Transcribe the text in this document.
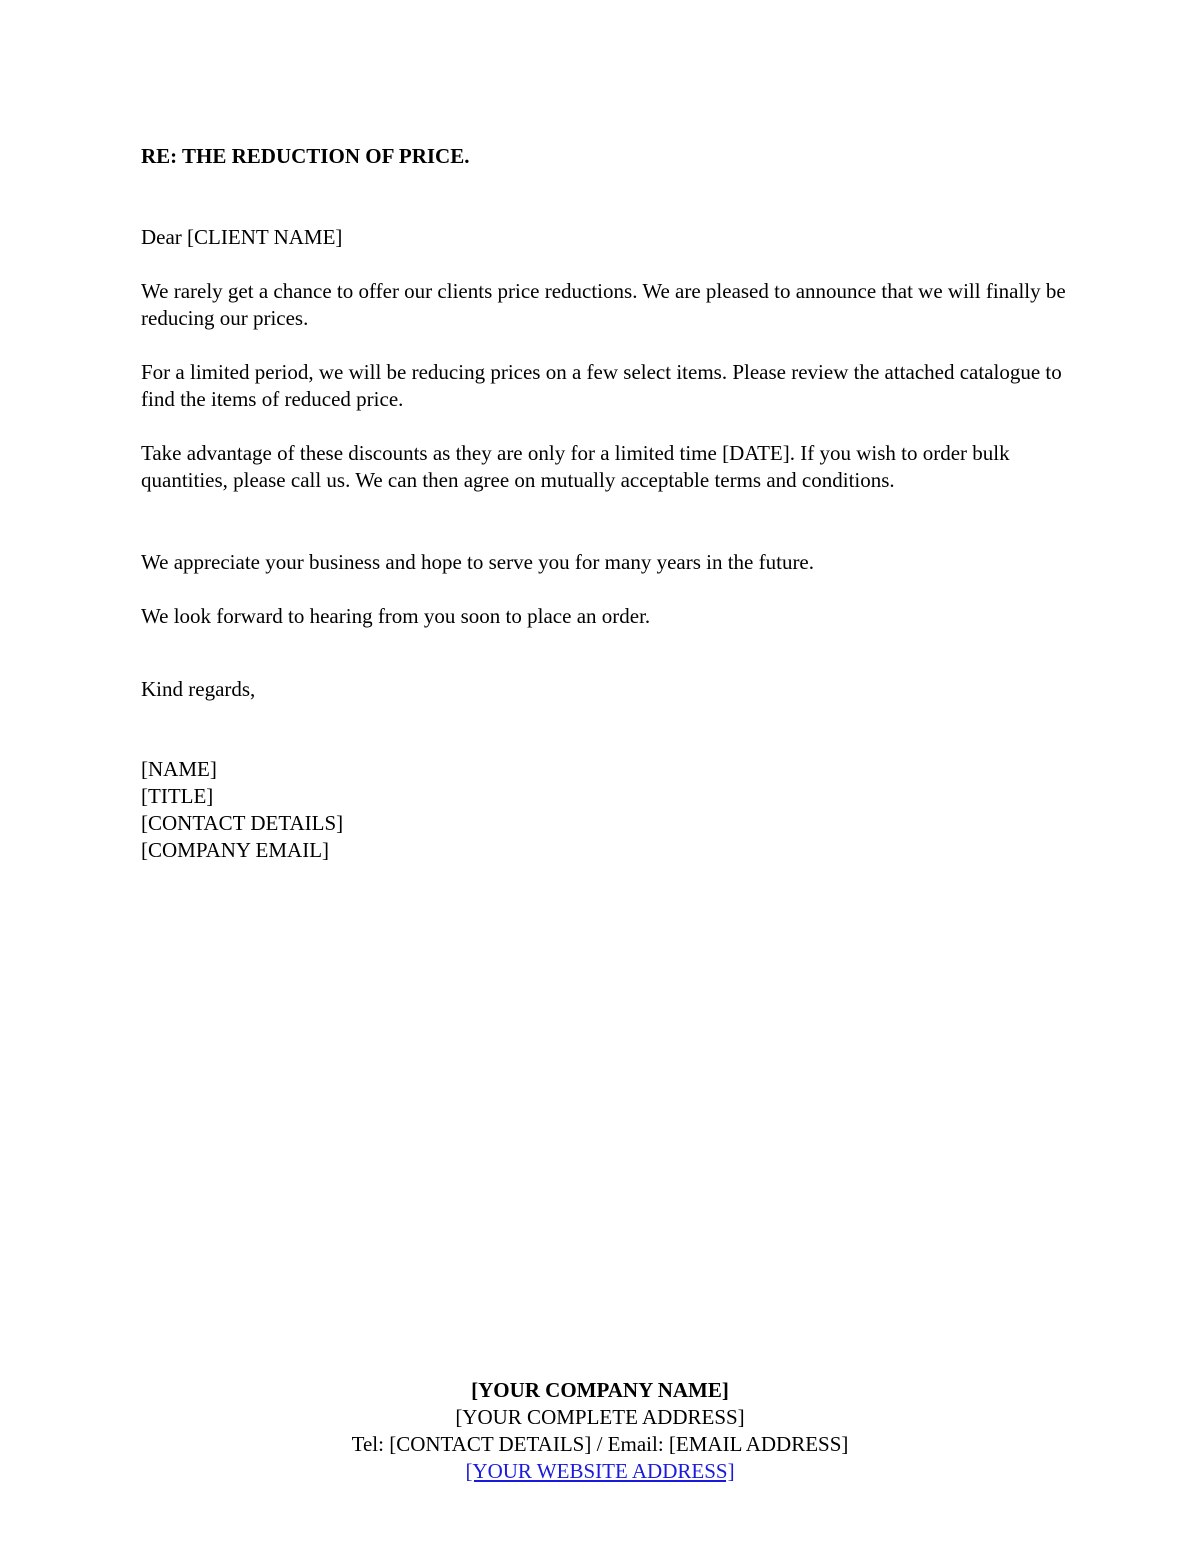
RE: THE REDUCTION OF PRICE.
Dear [CLIENT NAME]
We rarely get a chance to offer our clients price reductions. We are pleased to announce that we will finally be reducing our prices.
For a limited period, we will be reducing prices on a few select items. Please review the attached catalogue to find the items of reduced price.
Take advantage of these discounts as they are only for a limited time [DATE]. If you wish to order bulk quantities, please call us. We can then agree on mutually acceptable terms and conditions.
We appreciate your business and hope to serve you for many years in the future.
We look forward to hearing from you soon to place an order.
Kind regards,
[NAME]
[TITLE]
[CONTACT DETAILS]
[COMPANY EMAIL]
[YOUR COMPANY NAME]
[YOUR COMPLETE ADDRESS]
Tel: [CONTACT DETAILS] / Email: [EMAIL ADDRESS]
[YOUR WEBSITE ADDRESS]
